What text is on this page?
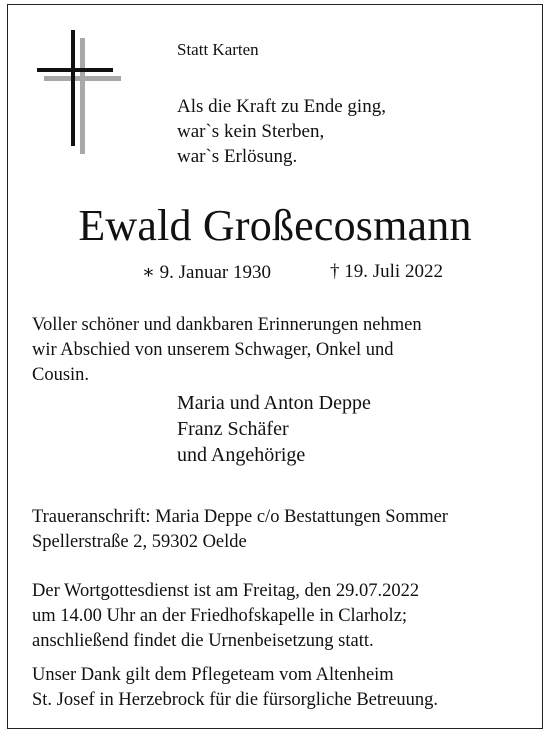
Statt Karten
Als die Kraft zu Ende ging,
war`s kein Sterben,
war`s Erlösung.
Ewald Großecosmann
∗ 9. Januar 1930	† 19. Juli 2022
Voller schöner und dankbaren Erinnerungen nehmen
wir Abschied von unserem Schwager, Onkel und
Cousin.
Maria und Anton Deppe
Franz Schäfer
und Angehörige
Traueranschrift: Maria Deppe c/o Bestattungen Sommer
Spellerstraße 2, 59302 Oelde
Der Wortgottesdienst ist am Freitag, den 29.07.2022
um 14.00 Uhr an der Friedhofskapelle in Clarholz;
anschließend findet die Urnenbeisetzung statt.
Unser Dank gilt dem Pflegeteam vom Altenheim
St. Josef in Herzebrock für die fürsorgliche Betreuung.
